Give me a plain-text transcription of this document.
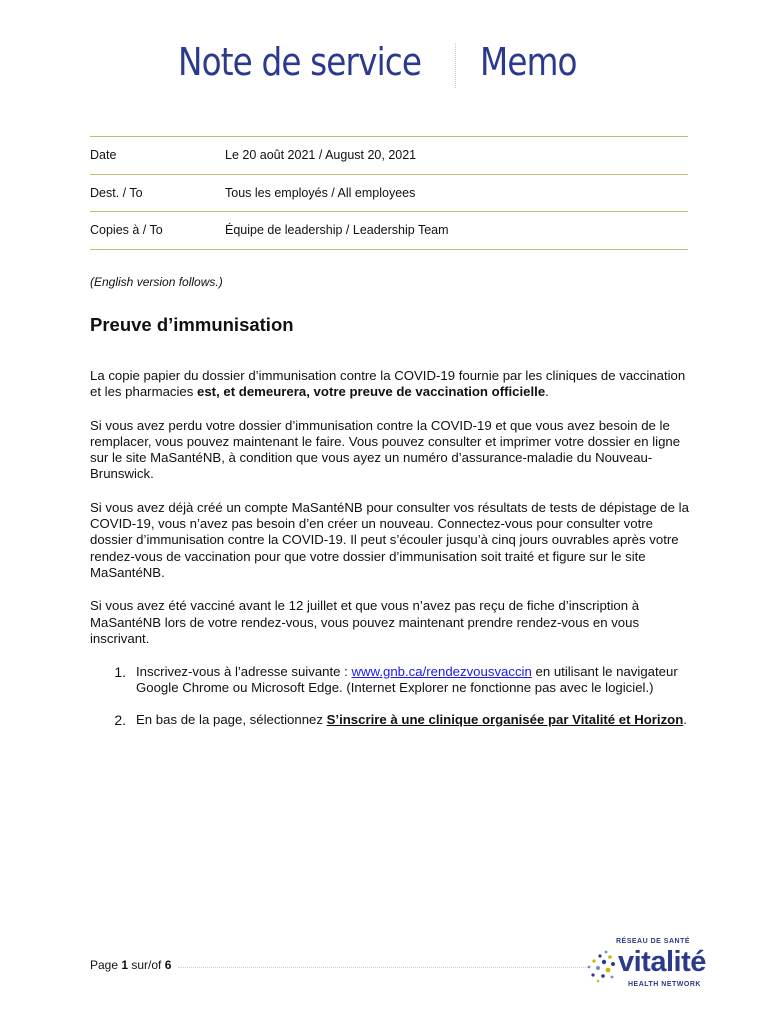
Note de service Memo
Date	Le 20 août 2021 / August 20, 2021
Dest. / To	Tous les employés / All employees
Copies à / To	Équipe de leadership / Leadership Team
(English version follows.)
Preuve d’immunisation

La copie papier du dossier d’immunisation contre la COVID-19 fournie par les cliniques de vaccination et les pharmacies est, et demeurera, votre preuve de vaccination officielle.

Si vous avez perdu votre dossier d’immunisation contre la COVID-19 et que vous avez besoin de le remplacer, vous pouvez maintenant le faire. Vous pouvez consulter et imprimer votre dossier en ligne sur le site MaSantéNB, à condition que vous ayez un numéro d’assurance-maladie du Nouveau-Brunswick.

Si vous avez déjà créé un compte MaSantéNB pour consulter vos résultats de tests de dépistage de la COVID-19, vous n’avez pas besoin d’en créer un nouveau. Connectez-vous pour consulter votre dossier d’immunisation contre la COVID-19. Il peut s’écouler jusqu’à cinq jours ouvrables après votre rendez-vous de vaccination pour que votre dossier d’immunisation soit traité et figure sur le site MaSantéNB.

Si vous avez été vacciné avant le 12 juillet et que vous n’avez pas reçu de fiche d’inscription à MaSantéNB lors de votre rendez-vous, vous pouvez maintenant prendre rendez-vous en vous inscrivant.

1. Inscrivez-vous à l’adresse suivante : www.gnb.ca/rendezvousvaccin en utilisant le navigateur Google Chrome ou Microsoft Edge. (Internet Explorer ne fonctionne pas avec le logiciel.)
2. En bas de la page, sélectionnez S’inscrire à une clinique organisée par Vitalité et Horizon.
Page 1 sur/of 6
RÉSEAU DE SANTÉ
vitalité
HEALTH NETWORK
